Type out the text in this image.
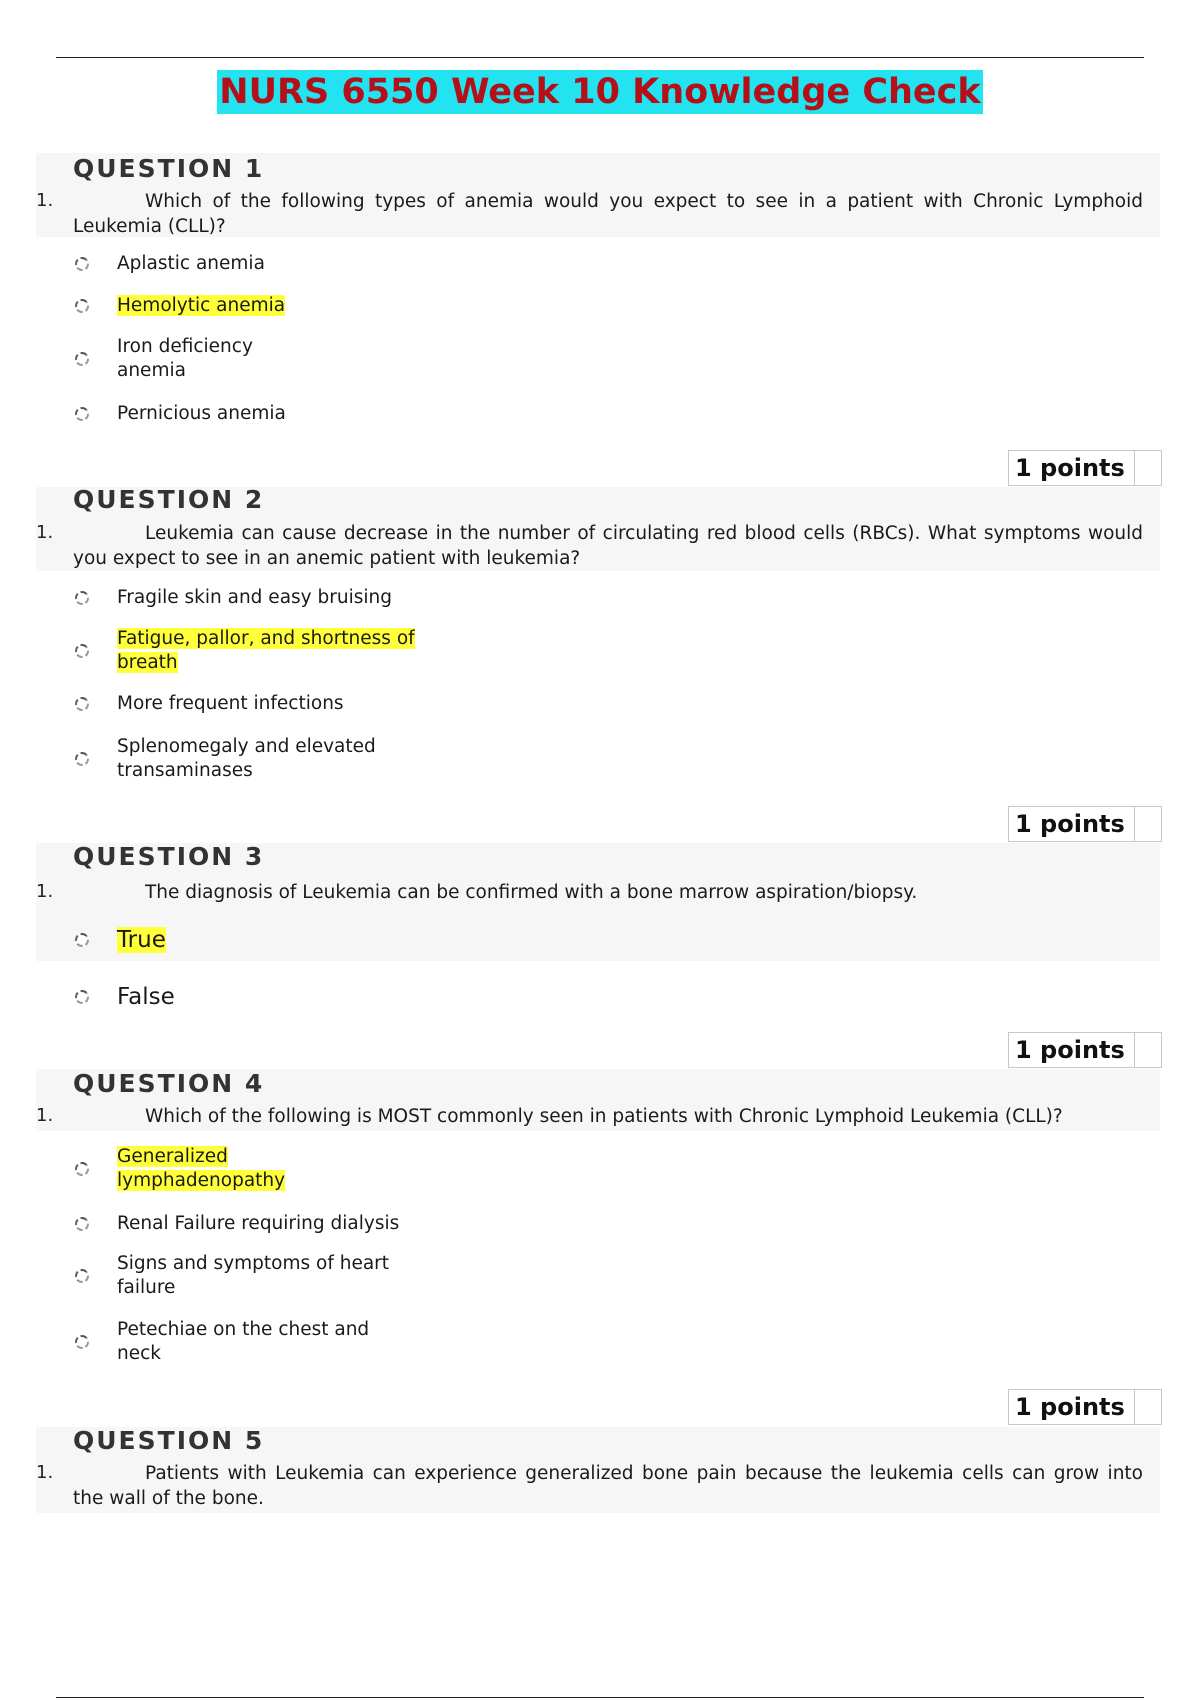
NURS 6550 Week 10 Knowledge Check
QUESTION 1
1.	Which of the following types of anemia would you expect to see in a patient with Chronic Lymphoid Leukemia (CLL)?
Aplastic anemia
Hemolytic anemia
Iron deficiency
anemia
Pernicious anemia
1 points
QUESTION 2
1.	Leukemia can cause decrease in the number of circulating red blood cells (RBCs). What symptoms would you expect to see in an anemic patient with leukemia?
Fragile skin and easy bruising
Fatigue, pallor, and shortness of
breath
More frequent infections
Splenomegaly and elevated
transaminases
1 points
QUESTION 3
1.	The diagnosis of Leukemia can be confirmed with a bone marrow aspiration/biopsy.
True
False
1 points
QUESTION 4
1.	Which of the following is MOST commonly seen in patients with Chronic Lymphoid Leukemia (CLL)?
Generalized
lymphadenopathy
Renal Failure requiring dialysis
Signs and symptoms of heart
failure
Petechiae on the chest and
neck
1 points
QUESTION 5
1.	Patients with Leukemia can experience generalized bone pain because the leukemia cells can grow into the wall of the bone.
